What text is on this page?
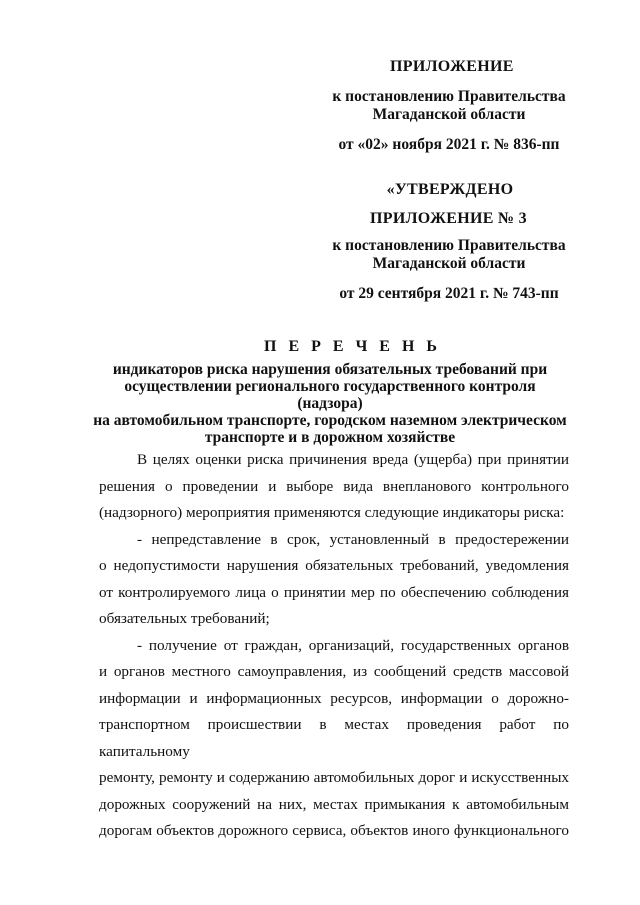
ПРИЛОЖЕНИЕ
к постановлению Правительства
Магаданской области
от «02» ноября 2021 г. № 836-пп
«УТВЕРЖДЕНО
ПРИЛОЖЕНИЕ № 3
к постановлению Правительства
Магаданской области
от 29 сентября 2021 г. № 743-пп
П Е Р Е Ч Е Н Ь
индикаторов риска нарушения обязательных требований при
осуществлении регионального государственного контроля (надзора)
на автомобильном транспорте, городском наземном электрическом
транспорте и в дорожном хозяйстве
В целях оценки риска причинения вреда (ущерба) при принятии
решения о проведении и выборе вида внепланового контрольного
(надзорного) мероприятия применяются следующие индикаторы риска:
- непредставление в срок, установленный в предостережении
о недопустимости нарушения обязательных требований, уведомления
от контролируемого лица о принятии мер по обеспечению соблюдения
обязательных требований;
- получение от граждан, организаций, государственных органов
и органов местного самоуправления, из сообщений средств массовой
информации и информационных ресурсов, информации о дорожно-
транспортном происшествии в местах проведения работ по капитальному
ремонту, ремонту и содержанию автомобильных дорог и искусственных
дорожных сооружений на них, местах примыкания к автомобильным
дорогам объектов дорожного сервиса, объектов иного функционального
